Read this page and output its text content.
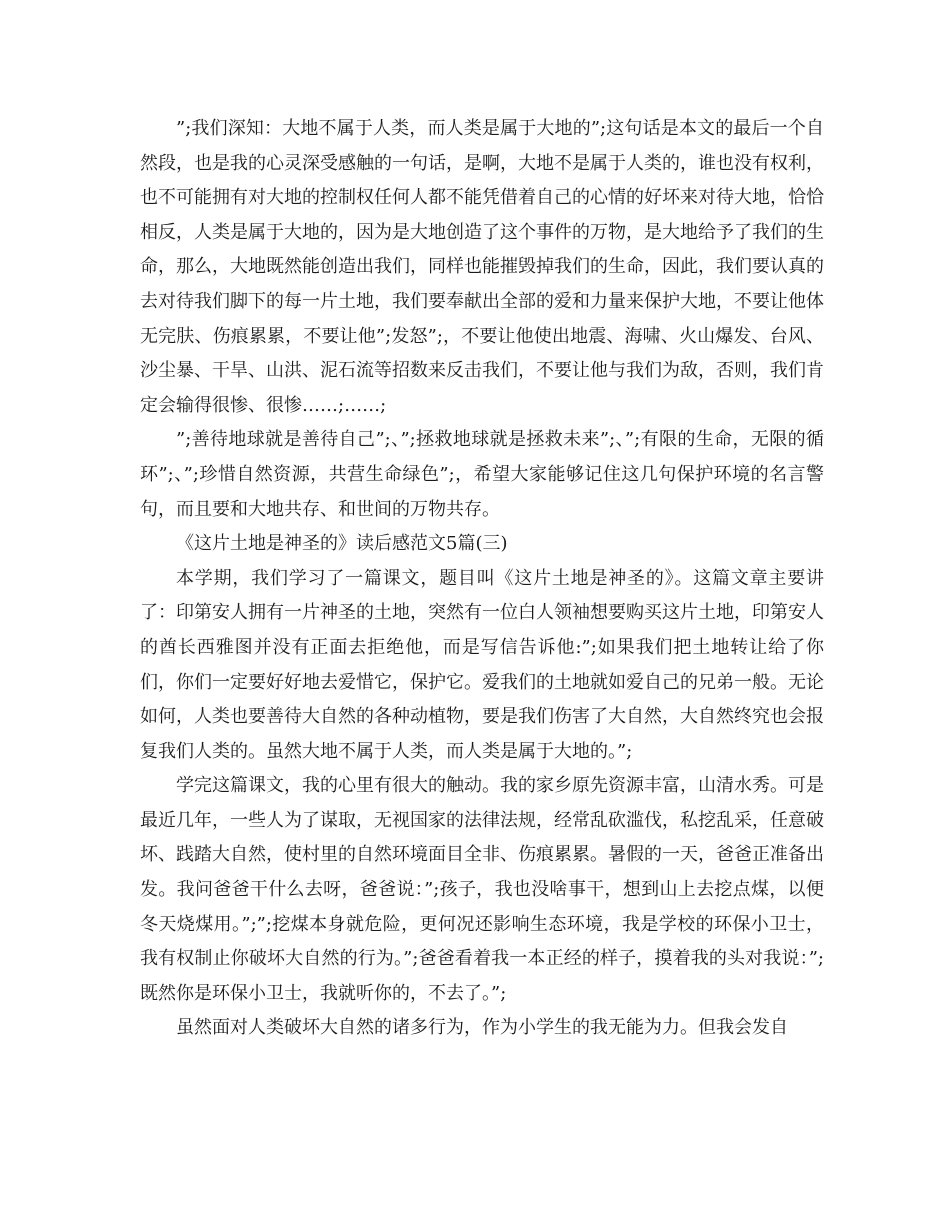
”;我们深知：大地不属于人类，而人类是属于大地的”;这句话是本文的最后一个自然段，也是我的心灵深受感触的一句话，是啊，大地不是属于人类的，谁也没有权利，也不可能拥有对大地的控制权任何人都不能凭借着自己的心情的好坏来对待大地，恰恰相反，人类是属于大地的，因为是大地创造了这个事件的万物，是大地给予了我们的生命，那么，大地既然能创造出我们，同样也能摧毁掉我们的生命，因此，我们要认真的去对待我们脚下的每一片土地，我们要奉献出全部的爱和力量来保护大地，不要让他体无完肤、伤痕累累，不要让他”;发怒”;，不要让他使出地震、海啸、火山爆发、台风、沙尘暴、干旱、山洪、泥石流等招数来反击我们，不要让他与我们为敌，否则，我们肯定会输得很惨、很惨……;……;

”;善待地球就是善待自己”;、”;拯救地球就是拯救未来”;、”;有限的生命，无限的循环”;、”;珍惜自然资源，共营生命绿色”;，希望大家能够记住这几句保护环境的名言警句，而且要和大地共存、和世间的万物共存。

《这片土地是神圣的》读后感范文5篇(三)

本学期，我们学习了一篇课文，题目叫《这片土地是神圣的》。这篇文章主要讲了：印第安人拥有一片神圣的土地，突然有一位白人领袖想要购买这片土地，印第安人的酋长西雅图并没有正面去拒绝他，而是写信告诉他:”;如果我们把土地转让给了你们，你们一定要好好地去爱惜它，保护它。爱我们的土地就如爱自己的兄弟一般。无论如何，人类也要善待大自然的各种动植物，要是我们伤害了大自然，大自然终究也会报复我们人类的。虽然大地不属于人类，而人类是属于大地的。”;

学完这篇课文，我的心里有很大的触动。我的家乡原先资源丰富，山清水秀。可是最近几年，一些人为了谋取，无视国家的法律法规，经常乱砍滥伐，私挖乱采，任意破坏、践踏大自然，使村里的自然环境面目全非、伤痕累累。暑假的一天，爸爸正准备出发。我问爸爸干什么去呀，爸爸说：”;孩子，我也没啥事干，想到山上去挖点煤，以便冬天烧煤用。”;”;挖煤本身就危险，更何况还影响生态环境，我是学校的环保小卫士，我有权制止你破坏大自然的行为。”;爸爸看着我一本正经的样子，摸着我的头对我说：”;既然你是环保小卫士，我就听你的，不去了。”;

虽然面对人类破坏大自然的诸多行为，作为小学生的我无能为力。但我会发自
